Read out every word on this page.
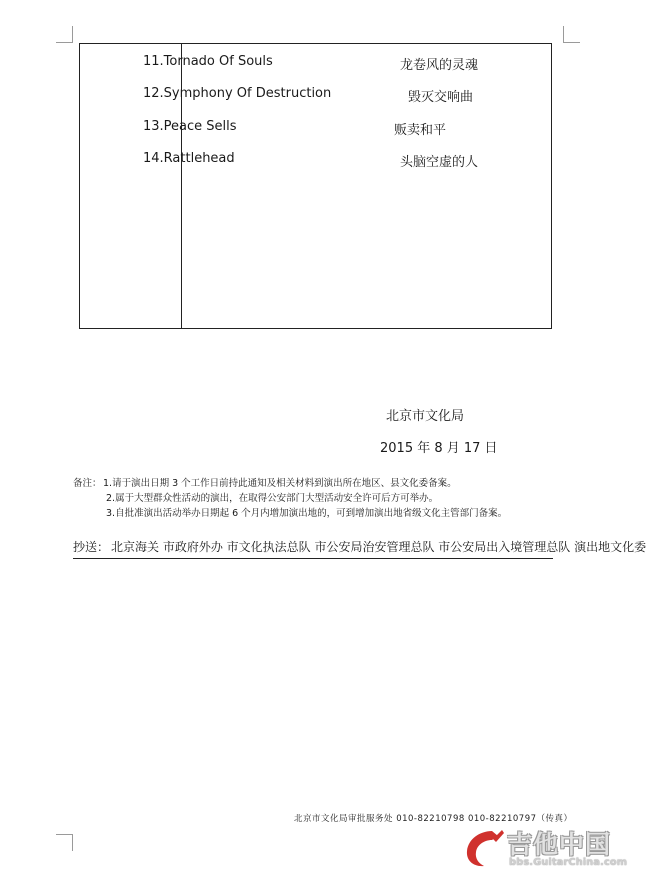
11.Tornado Of Souls	龙卷风的灵魂
12.Symphony Of Destruction	毁灭交响曲
13.Peace Sells	贩卖和平
14.Rattlehead	头脑空虚的人
北京市文化局
2015 年 8 月 17 日
备注： 1.请于演出日期 3 个工作日前持此通知及相关材料到演出所在地区、县文化委备案。
2.属于大型群众性活动的演出，在取得公安部门大型活动安全许可后方可举办。
3.自批准演出活动举办日期起 6 个月内增加演出地的，可到增加演出地省级文化主管部门备案。
抄送： 北京海关 市政府外办 市文化执法总队 市公安局治安管理总队 市公安局出入境管理总队 演出地文化委
北京市文化局审批服务处 010-82210798 010-82210797（传真）
吉他中国
bbs.GuitarChina.com
